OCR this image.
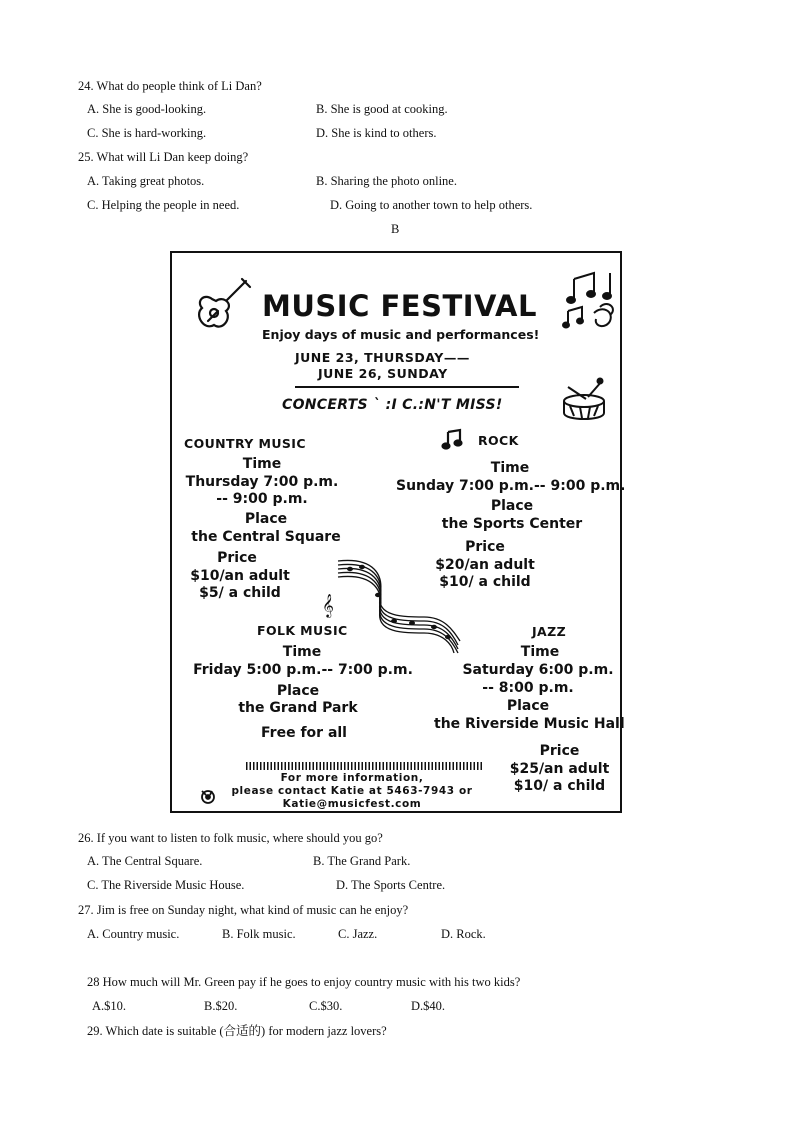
24. What do people think of Li Dan?
A. She is good-looking.	B. She is good at cooking.
C. She is hard-working.	D. She is kind to others.
25. What will Li Dan keep doing?
A. Taking great photos.	B. Sharing the photo online.
C. Helping the people in need.	D. Going to another town to help others.
B
MUSIC FESTIVAL
Enjoy days of music and performances!
JUNE 23, THURSDAY——
JUNE 26, SUNDAY
CONCERTS ` :I C.:N'T MISS!
COUNTRY MUSIC
Time
Thursday 7:00 p.m.
-- 9:00 p.m.
Place
the Central Square
Price
$10/an adult
$5/ a child
ROCK
Time
Sunday 7:00 p.m.-- 9:00 p.m.
Place
the Sports Center
Price
$20/an adult
$10/ a child
𝄞
FOLK MUSIC
Time
Friday 5:00 p.m.-- 7:00 p.m.
Place
the Grand Park
Free for all
JAZZ
Time
Saturday 6:00 p.m.
-- 8:00 p.m.
Place
the Riverside Music Hall
Price
$25/an adult
$10/ a child
For more information,
please contact Katie at 5463-7943 or
Katie@musicfest.com
26. If you want to listen to folk music, where should you go?
A. The Central Square.	B. The Grand Park.
C. The Riverside Music House.	D. The Sports Centre.
27. Jim is free on Sunday night, what kind of music can he enjoy?
A. Country music.	B. Folk music.	C. Jazz.	D. Rock.
28 How much will Mr. Green pay if he goes to enjoy country music with his two kids?
A.$10.	B.$20.	C.$30.	D.$40.
29. Which date is suitable (合适的) for modern jazz lovers?
